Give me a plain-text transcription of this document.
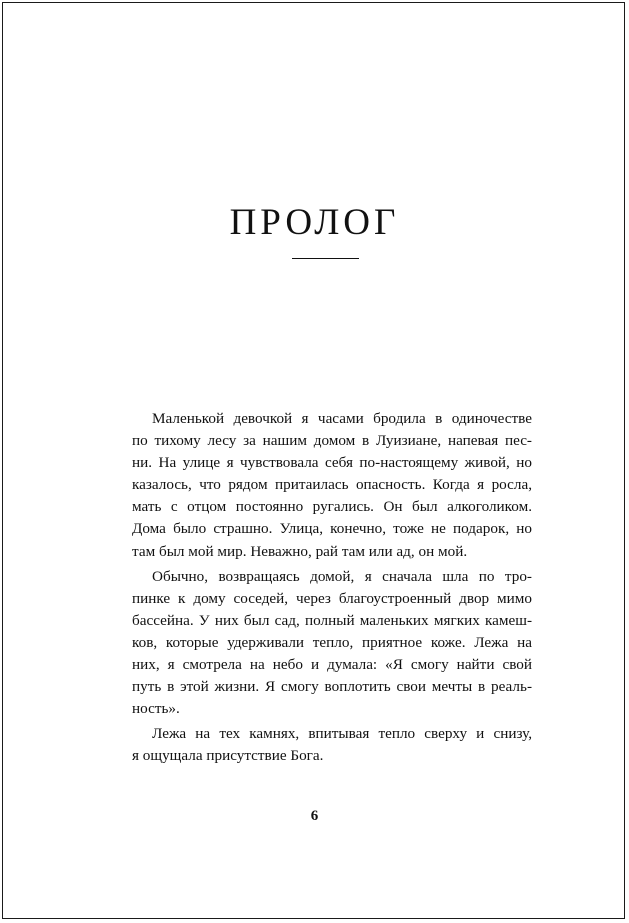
ПРОЛОГ
Маленькой девочкой я часами бродила в одиночестве
по тихому лесу за нашим домом в Луизиане, напевая пес-
ни. На улице я чувствовала себя по-настоящему живой, но
казалось, что рядом притаилась опасность. Когда я росла,
мать с отцом постоянно ругались. Он был алкоголиком.
Дома было страшно. Улица, конечно, тоже не подарок, но
там был мой мир. Неважно, рай там или ад, он мой.
Обычно, возвращаясь домой, я сначала шла по тро-
пинке к дому соседей, через благоустроенный двор мимо
бассейна. У них был сад, полный маленьких мягких камеш-
ков, которые удерживали тепло, приятное коже. Лежа на
них, я смотрела на небо и думала: «Я смогу найти свой
путь в этой жизни. Я смогу воплотить свои мечты в реаль-
ность».
Лежа на тех камнях, впитывая тепло сверху и снизу,
я ощущала присутствие Бога.
6
